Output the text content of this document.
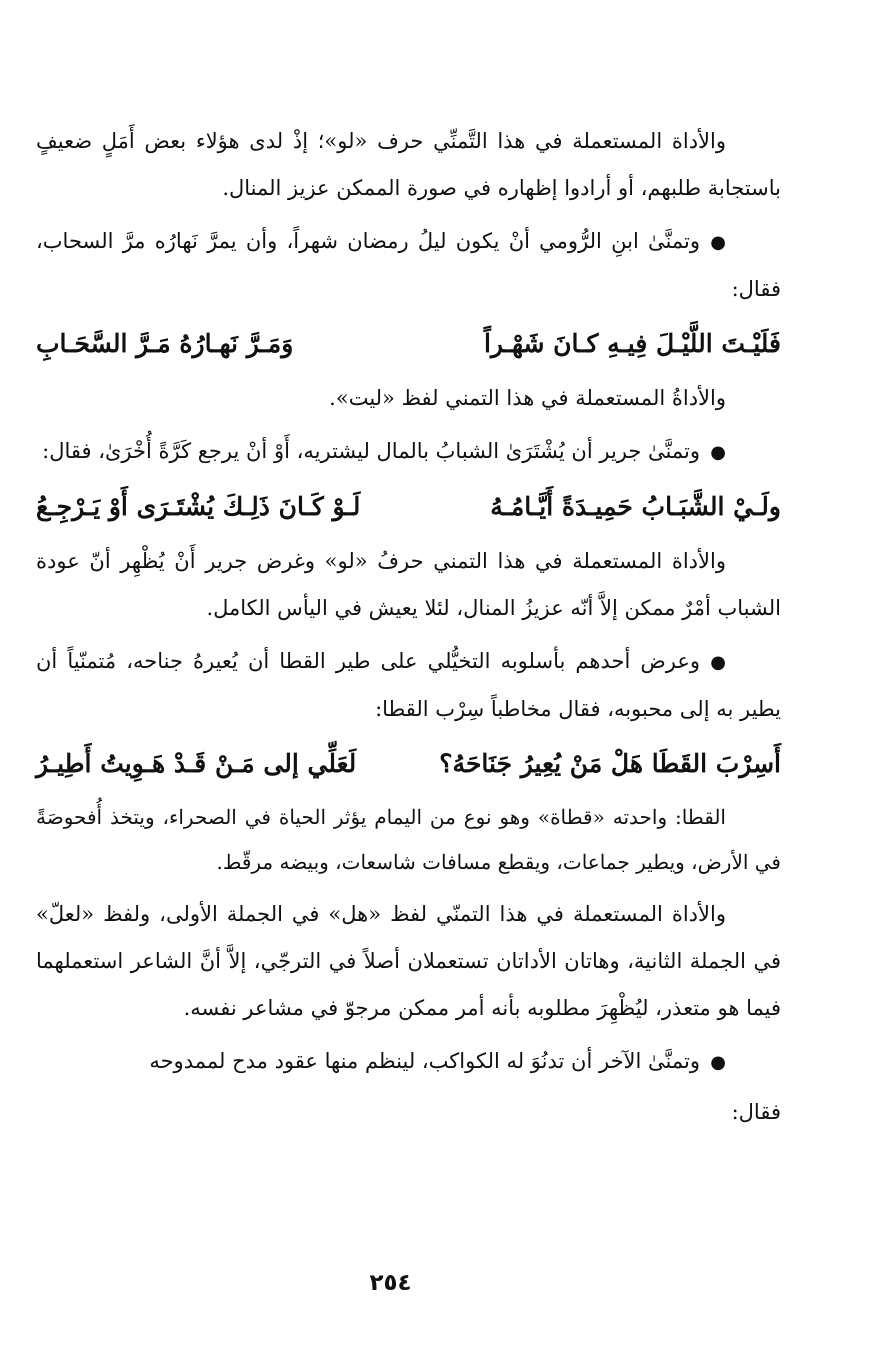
والأداة المستعملة في هذا التَّمنِّي حرف «لو»؛ إذْ لدى هؤلاء بعض أَمَلٍ ضعيفٍ باستجابة طلبهم، أو أرادوا إظهاره في صورة الممكن عزيز المنال.

●وتمنَّىٰ ابنِ الرُّومي أنْ يكون ليلُ رمضان شهراً، وأن يمرَّ نَهارُه مرَّ السحاب، فقال:

فَلَيْـتَ اللَّيْـلَ فِيـهِ كـانَ شَهْـراً
وَمَـرَّ نَهـارُهُ مَـرَّ السَّحَـابِ

والأداةُ المستعملة في هذا التمني لفظ «ليت».

●وتمنَّىٰ جرير أن يُشْتَرَىٰ الشبابُ بالمال ليشتريه، أَوْ أنْ يرجع كَرَّةً أُخْرَىٰ، فقال:

ولَـيْ الشَّبَـابُ حَمِيـدَةً أَيَّـامُـهُ
لَـوْ كَـانَ ذَلِـكَ يُشْتَـرَى أَوْ يَـرْجِـعُ

والأداة المستعملة في هذا التمني حرفُ «لو» وغرض جرير أَنْ يُظْهِر أنّ عودة الشباب أمْرٌ ممكن إلاَّ أنّه عزيزُ المنال، لئلا يعيش في اليأس الكامل.

●وعرض أحدهم بأسلوبه التخيُّلي على طير القطا أن يُعيرهُ جناحه، مُتمنّياً أن يطير به إلى محبوبه، فقال مخاطباً سِرْب القطا:

أَسِرْبَ القَطَا هَلْ مَنْ يُعِيرُ جَنَاحَهُ؟
لَعَلِّي إلى مَـنْ قَـدْ هَـوِيتُ أَطِيـرُ

القطا: واحدته «قطاة» وهو نوع من اليمام يؤثر الحياة في الصحراء، ويتخذ أُفحوصَةً في الأرض، ويطير جماعات، ويقطع مسافات شاسعات، وبيضه مرقّط.

والأداة المستعملة في هذا التمنّي لفظ «هل» في الجملة الأولى، ولفظ «لعلّ» في الجملة الثانية، وهاتان الأداتان تستعملان أصلاً في الترجّي، إلاَّ أنَّ الشاعر استعملهما فيما هو متعذر، ليُظْهِرَ مطلوبه بأنه أمر ممكن مرجوّ في مشاعر نفسه.

●وتمنَّىٰ الآخر أن تدنُوَ له الكواكب، لينظم منها عقود مدح لممدوحه

فقال:

٢٥٤
